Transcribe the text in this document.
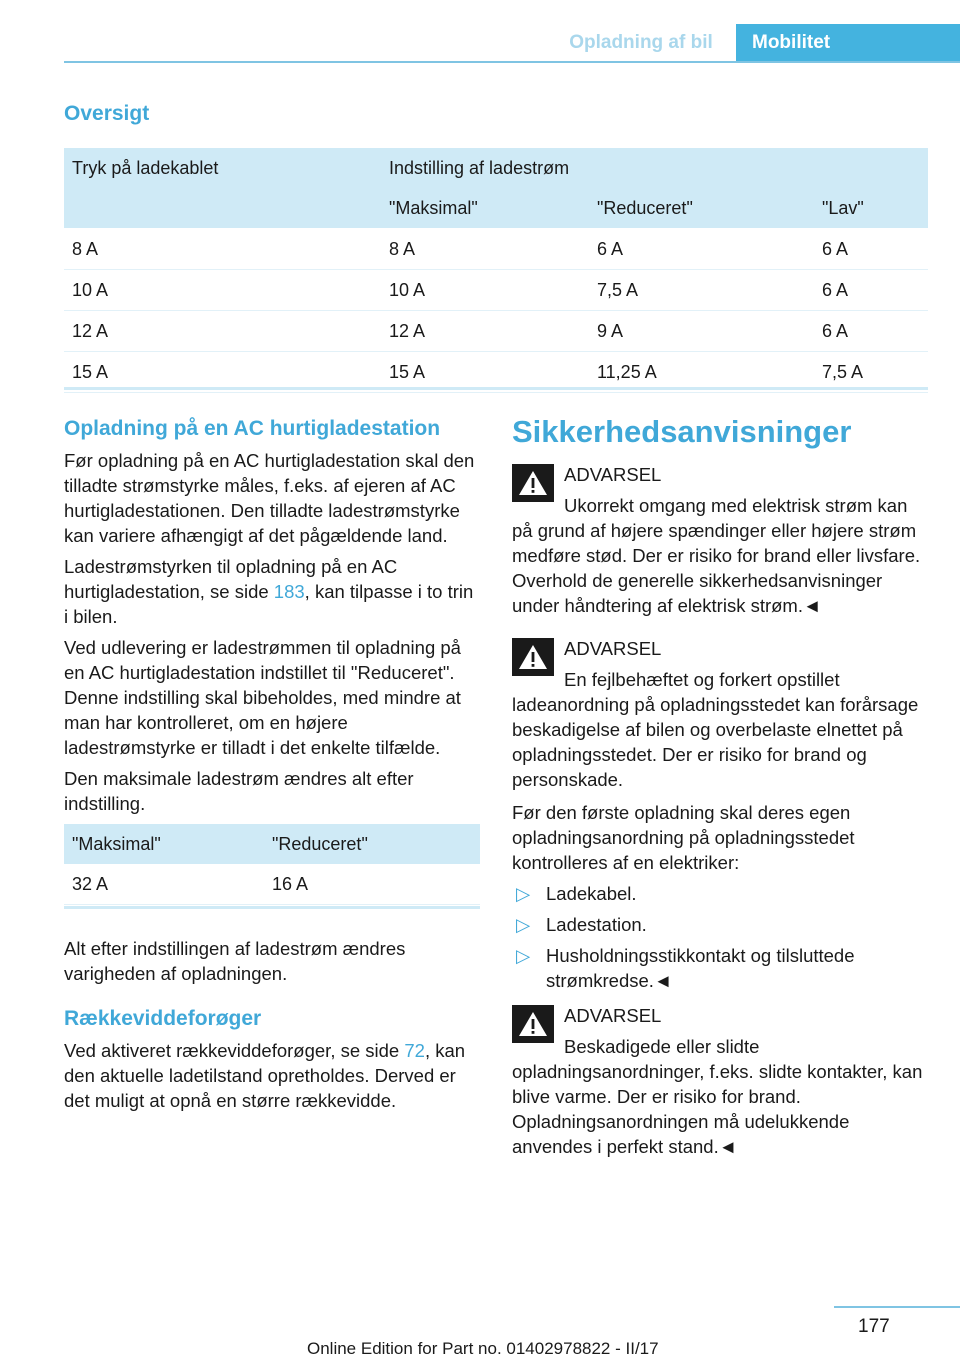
Opladning af bil	Mobilitet
Oversigt
Tryk på ladekablet	Indstilling af ladestrøm		
	"Maksimal"	"Reduceret"	"Lav"
8 A	8 A	6 A	6 A
10 A	10 A	7,5 A	6 A
12 A	12 A	9 A	6 A
15 A	15 A	11,25 A	7,5 A
Opladning på en AC hurtigladestation

Før opladning på en AC hurtigladestation skal den tilladte strømstyrke måles, f.eks. af ejeren af AC hurtigladestationen. Den tilladte ladestrømstyrke kan variere afhængigt af det pågældende land.

Ladestrømstyrken til opladning på en AC hurtigladestation, se side 183, kan tilpasse i to trin i bilen.

Ved udlevering er ladestrømmen til opladning på en AC hurtigladestation indstillet til "Reduceret". Denne indstilling skal bibeholdes, med mindre at man har kontrolleret, om en højere ladestrømstyrke er tilladt i det enkelte tilfælde.

Den maksimale ladestrøm ændres alt efter indstilling.

"Maksimal"	"Reduceret"
32 A	16 A

Alt efter indstillingen af ladestrøm ændres varigheden af opladningen.

Rækkeviddeforøger

Ved aktiveret rækkeviddeforøger, se side 72, kan den aktuelle ladetilstand opretholdes. Derved er det muligt at opnå en større rækkevidde.

Sikkerhedsanvisninger

ADVARSEL

Ukorrekt omgang med elektrisk strøm kan på grund af højere spændinger eller højere strøm medføre stød. Der er risiko for brand eller livsfare. Overhold de generelle sikkerhedsanvisninger under håndtering af elektrisk strøm.◄

ADVARSEL

En fejlbehæftet og forkert opstillet ladeanordning på opladningsstedet kan forårsage beskadigelse af bilen og overbelaste elnettet på opladningsstedet. Der er risiko for brand og personskade.

Før den første opladning skal deres egen opladningsanordning på opladningsstedet kontrolleres af en elektriker:

▷ Ladekabel.
▷ Ladestation.
▷ Husholdningsstikkontakt og tilsluttede strømkredse.◄

ADVARSEL

Beskadigede eller slidte opladningsanordninger, f.eks. slidte kontakter, kan blive varme. Der er risiko for brand. Opladningsanordningen må udelukkende anvendes i perfekt stand.◄

177
Online Edition for Part no. 01402978822 - II/17
